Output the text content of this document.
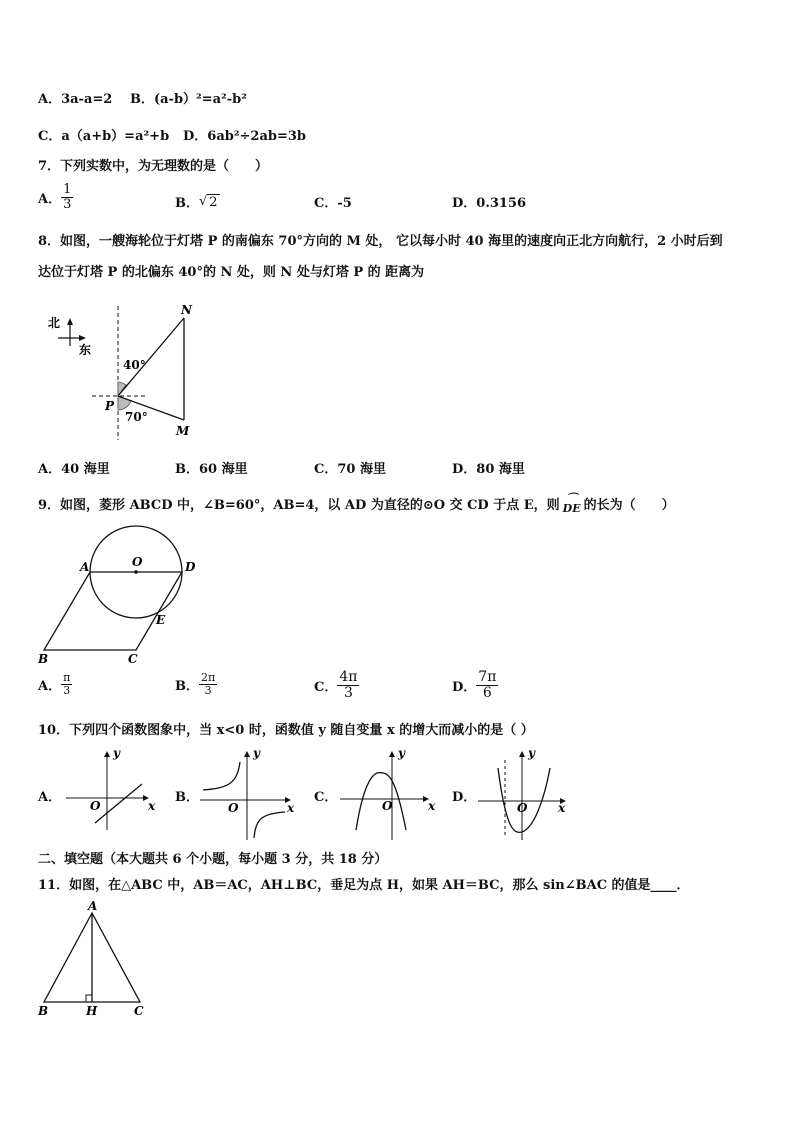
A．3a-a=2 B．(a-b）²=a²-b²
C．a（a+b）=a²+b D．6ab²÷2ab=3b
7．下列实数中，为无理数的是（　　）
A． $\frac{1}{3}$	B． √ 2	C．-5	D．0.3156
8．如图，一艘海轮位于灯塔 P 的南偏东 70°方向的 M 处， 它以每小时 40 海里的速度向正北方向航行，2 小时后到
达位于灯塔 P 的北偏东 40°的 N 处，则 N 处与灯塔 P 的 距离为
北
东
N
M
P
40°
70°
A．40 海里	B．60 海里	C．70 海里	D．80 海里
9．如图，菱形 ABCD 中，∠B=60°，AB=4，以 AD 为直径的⊙O 交 CD 于点 E，则 ⌒
DE 的长为（　　）
A	D
O
E
B	C
A． $\frac{\pi}{3}$	B． $\frac{2\pi}{3}$	C． $\frac{4\pi}{3}$	D． $\frac{7\pi}{6}$
10．下列四个函数图象中，当 x<0 时，函数值 y 随自变量 x 的增大而减小的是（ ）
A．	B．	C．	D．
x
y
O	x
y
O	x
y
O	x
y
O
二、填空题（本大题共 6 个小题，每小题 3 分，共 18 分）
11．如图，在△ABC 中，AB＝AC，AH⊥BC，垂足为点 H，如果 AH＝BC，那么 sin∠BAC 的值是____．
A
B	H	C
